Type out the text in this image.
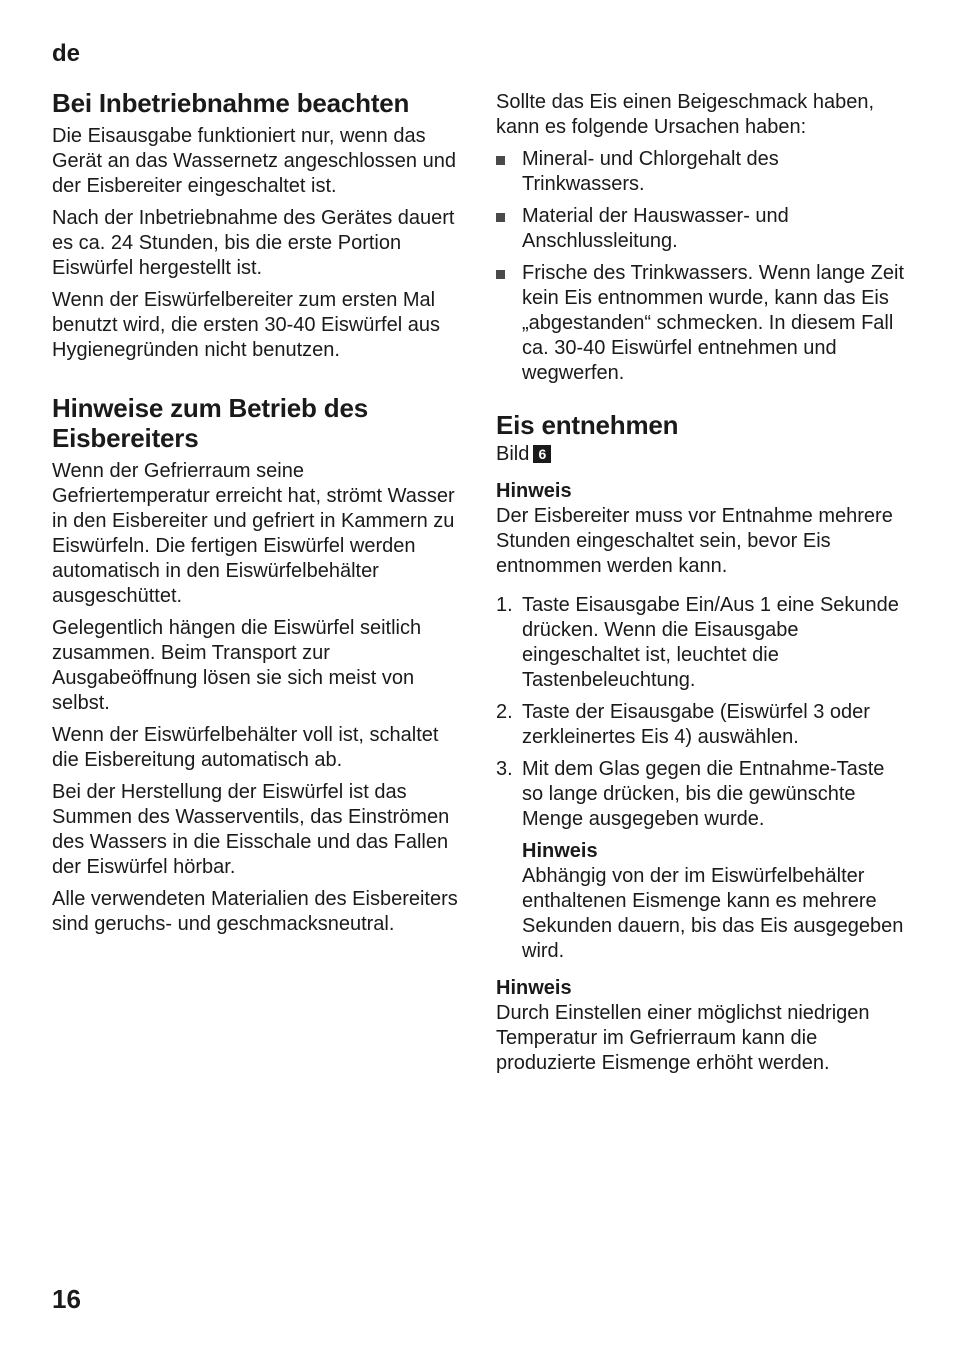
de
Bei Inbetriebnahme beachten

Die Eisausgabe funktioniert nur, wenn das Gerät an das Wassernetz angeschlossen und der Eisbereiter eingeschaltet ist.

Nach der Inbetriebnahme des Gerätes dauert es ca. 24 Stunden, bis die erste Portion Eiswürfel hergestellt ist.

Wenn der Eiswürfelbereiter zum ersten Mal benutzt wird, die ersten 30-40 Eiswürfel aus Hygienegründen nicht benutzen.

Hinweise zum Betrieb des Eisbereiters

Wenn der Gefrierraum seine Gefriertemperatur erreicht hat, strömt Wasser in den Eisbereiter und gefriert in Kammern zu Eiswürfeln. Die fertigen Eiswürfel werden automatisch in den Eiswürfelbehälter ausgeschüttet.

Gelegentlich hängen die Eiswürfel seitlich zusammen. Beim Transport zur Ausgabeöffnung lösen sie sich meist von selbst.

Wenn der Eiswürfelbehälter voll ist, schaltet die Eisbereitung automatisch ab.

Bei der Herstellung der Eiswürfel ist das Summen des Wasserventils, das Einströmen des Wassers in die Eisschale und das Fallen der Eiswürfel hörbar.

Alle verwendeten Materialien des Eisbereiters sind geruchs- und geschmacksneutral.

Sollte das Eis einen Beigeschmack haben, kann es folgende Ursachen haben:

Mineral- und Chlorgehalt des Trinkwassers.
Material der Hauswasser- und Anschlussleitung.
Frische des Trinkwassers. Wenn lange Zeit kein Eis entnommen wurde, kann das Eis „abgestanden“ schmecken. In diesem Fall ca. 30-40 Eiswürfel entnehmen und wegwerfen.
Eis entnehmen

Bild 6

Hinweis

Der Eisbereiter muss vor Entnahme mehrere Stunden eingeschaltet sein, bevor Eis entnommen werden kann.

1. Taste Eisausgabe Ein/Aus 1 eine Sekunde drücken. Wenn die Eisausgabe eingeschaltet ist, leuchtet die Tastenbeleuchtung.
2. Taste der Eisausgabe (Eiswürfel 3 oder zerkleinertes Eis 4) auswählen.
3. Mit dem Glas gegen die Entnahme-Taste so lange drücken, bis die gewünschte Menge ausgegeben wurde.
Hinweis

Abhängig von der im Eiswürfelbehälter enthaltenen Eismenge kann es mehrere Sekunden dauern, bis das Eis ausgegeben wird.

Hinweis

Durch Einstellen einer möglichst niedrigen Temperatur im Gefrierraum kann die produzierte Eismenge erhöht werden.

16
